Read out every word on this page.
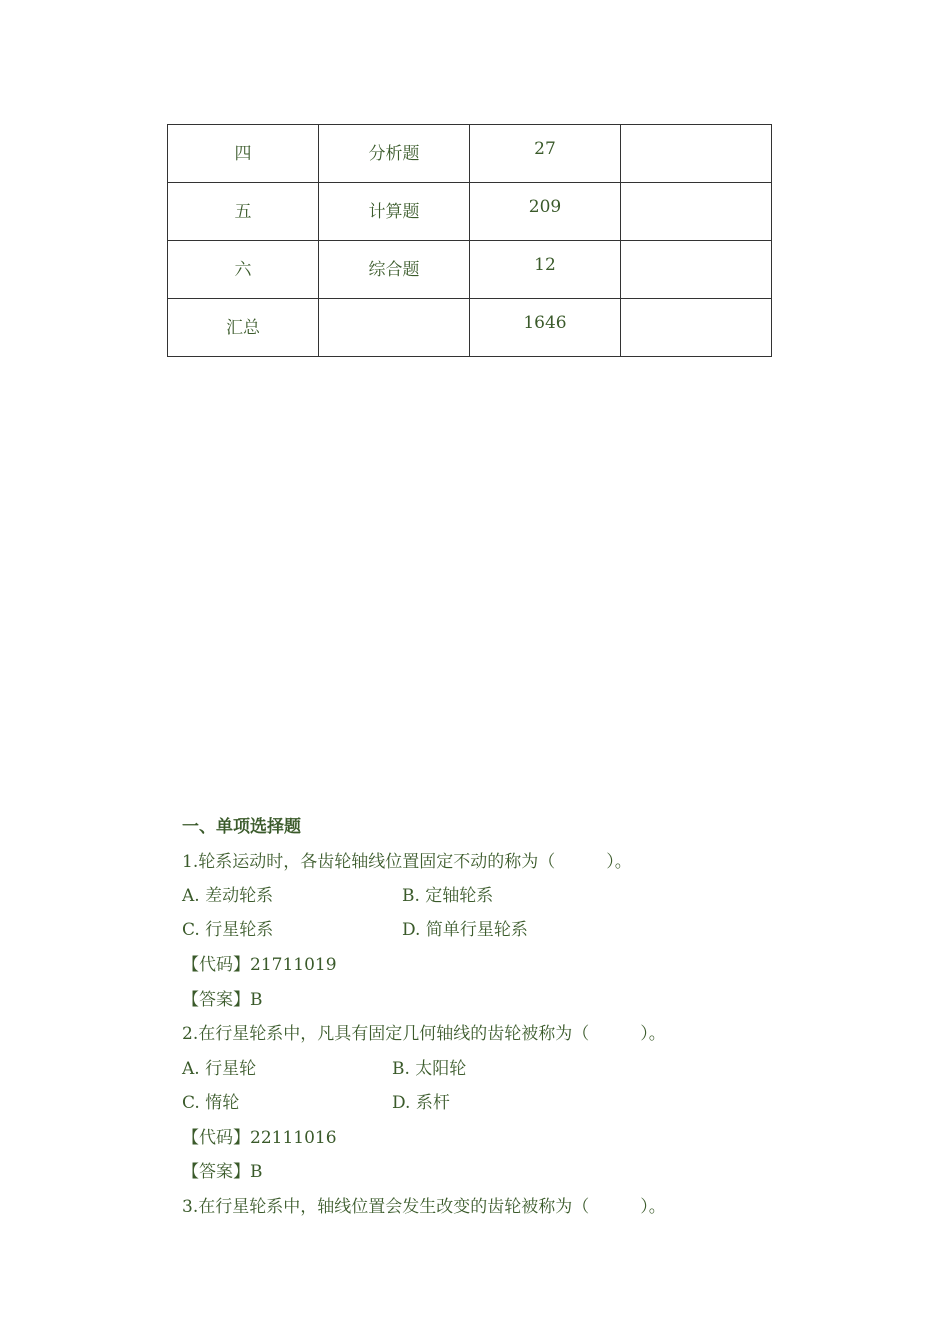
四	分析题	27	
五	计算题	209	
六	综合题	12	
汇总		1646	
一、单项选择题
1.轮系运动时，各齿轮轴线位置固定不动的称为（　　　）。
A. 差动轮系	B. 定轴轮系
C. 行星轮系	D. 简单行星轮系
【代码】21711019
【答案】B
2.在行星轮系中，凡具有固定几何轴线的齿轮被称为（　　　）。
A. 行星轮	B. 太阳轮
C. 惰轮	D. 系杆
【代码】22111016
【答案】B
3.在行星轮系中，轴线位置会发生改变的齿轮被称为（　　　）。
